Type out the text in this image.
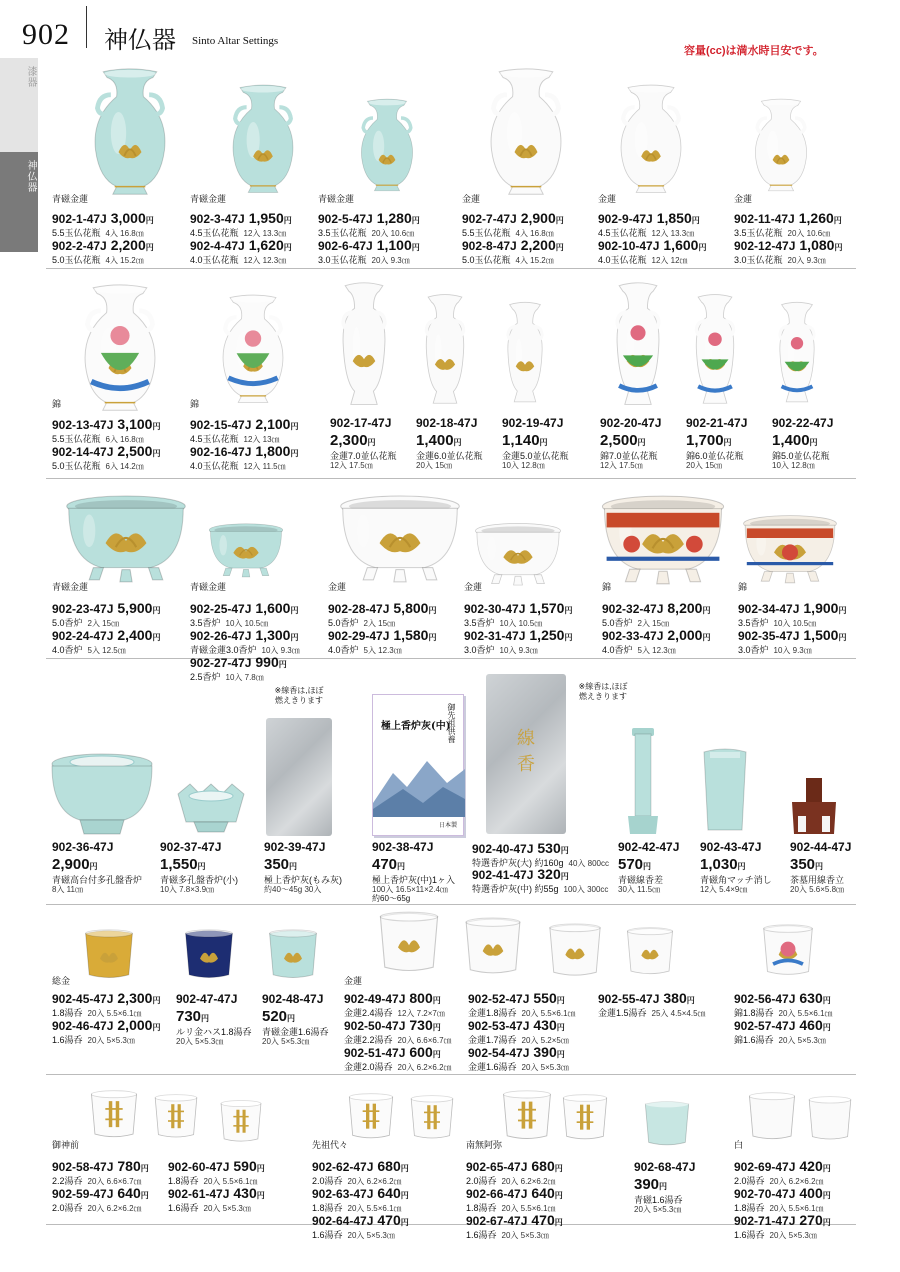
902 神仏器 Sinto Altar Settings
容量(cc)は満水時目安です。
漆器
神仏器
※線香は,ほぼ
燃えきります
御先祖供養
極上香炉灰(中)
日本製
※線香は,ほぼ
燃えきります
線
香
青磁金蓮	青磁金蓮	青磁金蓮	金蓮	金蓮	金蓮
錦	錦
青磁金蓮	青磁金蓮	金蓮	金蓮	錦	錦
総金	金蓮
御神前	先祖代々	南無阿弥	白
902-1-47J 3,000円
5.5玉仏花瓶 4入 16.8㎝
902-2-47J 2,200円
5.0玉仏花瓶 4入 15.2㎝
902-3-47J 1,950円
4.5玉仏花瓶 12入 13.3㎝
902-4-47J 1,620円
4.0玉仏花瓶 12入 12.3㎝
902-5-47J 1,280円
3.5玉仏花瓶 20入 10.6㎝
902-6-47J 1,100円
3.0玉仏花瓶 20入 9.3㎝
902-7-47J 2,900円
5.5玉仏花瓶 4入 16.8㎝
902-8-47J 2,200円
5.0玉仏花瓶 4入 15.2㎝
902-9-47J 1,850円
4.5玉仏花瓶 12入 13.3㎝
902-10-47J 1,600円
4.0玉仏花瓶 12入 12㎝
902-11-47J 1,260円
3.5玉仏花瓶 20入 10.6㎝
902-12-47J 1,080円
3.0玉仏花瓶 20入 9.3㎝
902-13-47J 3,100円
5.5玉仏花瓶 6入 16.8㎝
902-14-47J 2,500円
5.0玉仏花瓶 6入 14.2㎝
902-15-47J 2,100円
4.5玉仏花瓶 12入 13㎝
902-16-47J 1,800円
4.0玉仏花瓶 12入 11.5㎝
902-23-47J 5,900円
5.0香炉 2入 15㎝
902-24-47J 2,400円
4.0香炉 5入 12.5㎝
902-25-47J 1,600円
3.5香炉 10入 10.5㎝
902-26-47J 1,300円
青磁金蓮3.0香炉 10入 9.3㎝
902-27-47J 990円
2.5香炉 10入 7.8㎝
902-28-47J 5,800円
5.0香炉 2入 15㎝
902-29-47J 1,580円
4.0香炉 5入 12.3㎝
902-30-47J 1,570円
3.5香炉 10入 10.5㎝
902-31-47J 1,250円
3.0香炉 10入 9.3㎝
902-32-47J 8,200円
5.0香炉 2入 15㎝
902-33-47J 2,000円
4.0香炉 5入 12.3㎝
902-34-47J 1,900円
3.5香炉 10入 10.5㎝
902-35-47J 1,500円
3.0香炉 10入 9.3㎝
902-40-47J 530円
特選香炉灰(大) 約160g 40入 800cc
902-41-47J 320円
特選香炉灰(中) 約55g 100入 300cc
902-45-47J 2,300円
1.8湯呑 20入 5.5×6.1㎝
902-46-47J 2,000円
1.6湯呑 20入 5×5.3㎝
902-49-47J 800円
金蓮2.4湯呑 12入 7.2×7㎝
902-50-47J 730円
金蓮2.2湯呑 20入 6.6×6.7㎝
902-51-47J 600円
金蓮2.0湯呑 20入 6.2×6.2㎝
902-52-47J 550円
金蓮1.8湯呑 20入 5.5×6.1㎝
902-53-47J 430円
金蓮1.7湯呑 20入 5.2×5㎝
902-54-47J 390円
金蓮1.6湯呑 20入 5×5.3㎝
902-55-47J 380円
金蓮1.5湯呑 25入 4.5×4.5㎝
902-56-47J 630円
錦1.8湯呑 20入 5.5×6.1㎝
902-57-47J 460円
錦1.6湯呑 20入 5×5.3㎝
902-58-47J 780円
2.2湯呑 20入 6.6×6.7㎝
902-59-47J 640円
2.0湯呑 20入 6.2×6.2㎝
902-60-47J 590円
1.8湯呑 20入 5.5×6.1㎝
902-61-47J 430円
1.6湯呑 20入 5×5.3㎝
902-62-47J 680円
2.0湯呑 20入 6.2×6.2㎝
902-63-47J 640円
1.8湯呑 20入 5.5×6.1㎝
902-64-47J 470円
1.6湯呑 20入 5×5.3㎝
902-65-47J 680円
2.0湯呑 20入 6.2×6.2㎝
902-66-47J 640円
1.8湯呑 20入 5.5×6.1㎝
902-67-47J 470円
1.6湯呑 20入 5×5.3㎝
902-69-47J 420円
2.0湯呑 20入 6.2×6.2㎝
902-70-47J 400円
1.8湯呑 20入 5.5×6.1㎝
902-71-47J 270円
1.6湯呑 20入 5×5.3㎝
902-17-47J
2,300円
金蓮7.0並仏花瓶
12入 17.5㎝
902-18-47J
1,400円
金蓮6.0並仏花瓶
20入 15㎝
902-19-47J
1,140円
金蓮5.0並仏花瓶
10入 12.8㎝
902-20-47J
2,500円
錦7.0並仏花瓶
12入 17.5㎝
902-21-47J
1,700円
錦6.0並仏花瓶
20入 15㎝
902-22-47J
1,400円
錦5.0並仏花瓶
10入 12.8㎝
902-36-47J
2,900円
青磁高台付多孔盤香炉
8入 11㎝
902-37-47J
1,550円
青磁多孔盤香炉(小)
10入 7.8×3.9㎝
902-39-47J
350円
極上香炉灰(もみ灰)
約40～45g 30入
902-38-47J
470円
極上香炉灰(中)1ヶ入
100入 16.5×11×2.4㎝
約60～65g
902-42-47J
570円
青磁線香差
30入 11.5㎝
902-43-47J
1,030円
青磁角マッチ消し
12入 5.4×9㎝
902-44-47J
350円
茶墓用線香立
20入 5.6×5.8㎝
902-47-47J
730円
ルリ金ハス1.8湯呑
20入 5×5.3㎝
902-48-47J
520円
青磁金蓮1.6湯呑
20入 5×5.3㎝
902-68-47J
390円
青磁1.6湯呑
20入 5×5.3㎝
